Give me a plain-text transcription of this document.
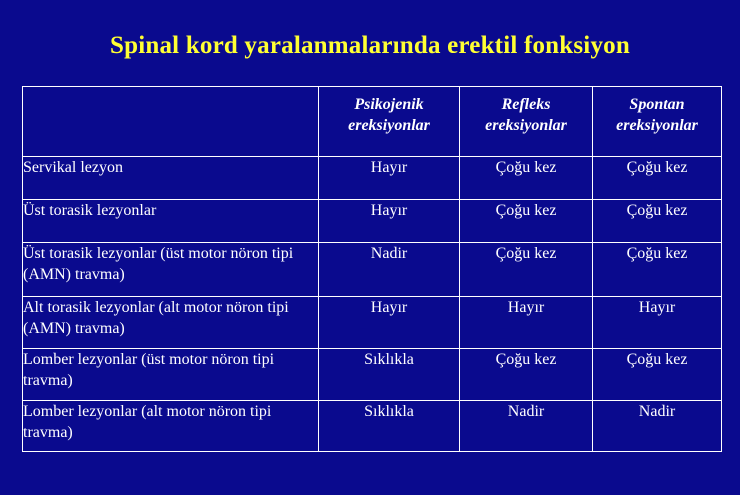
Spinal kord yaralanmalarında erektil fonksiyon
	Psikojenik ereksiyonlar	Refleks ereksiyonlar	Spontan ereksiyonlar
Servikal lezyon	Hayır	Çoğu kez	Çoğu kez
Üst torasik lezyonlar	Hayır	Çoğu kez	Çoğu kez
Üst torasik lezyonlar (üst motor nöron tipi (AMN) travma)	Nadir	Çoğu kez	Çoğu kez
Alt torasik lezyonlar (alt motor nöron tipi (AMN) travma)	Hayır	Hayır	Hayır
Lomber lezyonlar (üst motor nöron tipi travma)	Sıklıkla	Çoğu kez	Çoğu kez
Lomber lezyonlar (alt motor nöron tipi travma)	Sıklıkla	Nadir	Nadir
